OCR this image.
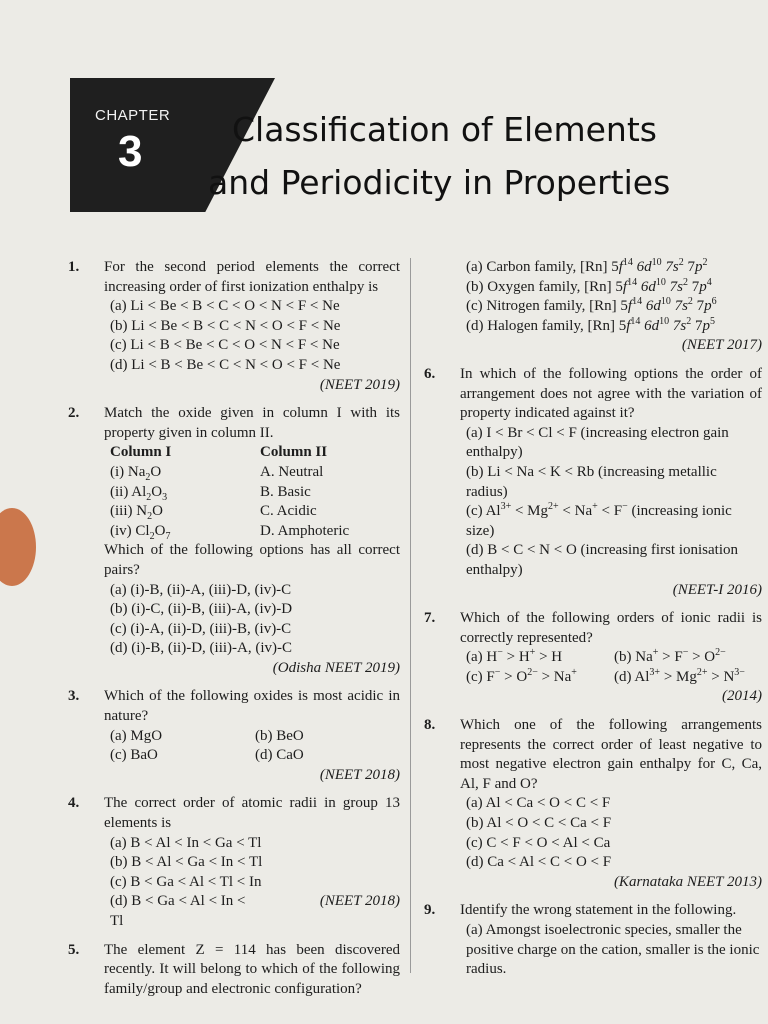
CHAPTER
3	Classification of Elements
and Periodicity in Properties
1. For the second period elements the correct increasing order of first ionization enthalpy is
(a) Li < Be < B < C < O < N < F < Ne
(b) Li < Be < B < C < N < O < F < Ne
(c) Li < B < Be < C < O < N < F < Ne
(d) Li < B < Be < C < N < O < F < Ne
(NEET 2019)
2. Match the oxide given in column I with its property given in column II.
Column I	Column II
(i) $Na_2O$	A. Neutral
(ii) $Al_2O_3$	B. Basic
(iii) $N_2O$	C. Acidic
(iv) $Cl_2O_7$	D. Amphoteric
Which of the following options has all correct pairs?
(a) (i)-B, (ii)-A, (iii)-D, (iv)-C
(b) (i)-C, (ii)-B, (iii)-A, (iv)-D
(c) (i)-A, (ii)-D, (iii)-B, (iv)-C
(d) (i)-B, (ii)-D, (iii)-A, (iv)-C
(Odisha NEET 2019)
3. Which of the following oxides is most acidic in nature?
(a) MgO	(b) BeO
(c) BaO	(d) CaO
(NEET 2018)
4. The correct order of atomic radii in group 13 elements is
(a) B < Al < In < Ga < Tl
(b) B < Al < Ga < In < Tl
(c) B < Ga < Al < Tl < In
(d) B < Ga < Al < In < Tl
(NEET 2018)
5. The element Z = 114 has been discovered recently. It will belong to which of the following family/group and electronic configuration?
(a) Carbon family, [Rn] $5f^{14}$ $6d^{10}$ $7s^2$ $7p^2$
(b) Oxygen family, [Rn] $5f^{14}$ $6d^{10}$ $7s^2$ $7p^4$
(c) Nitrogen family, [Rn] $5f^{14}$ $6d^{10}$ $7s^2$ $7p^6$
(d) Halogen family, [Rn] $5f^{14}$ $6d^{10}$ $7s^2$ $7p^5$
(NEET 2017)
6. In which of the following options the order of arrangement does not agree with the variation of property indicated against it?
(a) I < Br < Cl < F (increasing electron gain enthalpy)
(b) Li < Na < K < Rb (increasing metallic radius)
(c) $Al^{3+} < Mg^{2+} < Na^+ < F^-$ (increasing ionic size)
(d) B < C < N < O (increasing first ionisation enthalpy)
(NEET-I 2016)
7. Which of the following orders of ionic radii is correctly represented?
(a) H− > H+ > H	(b) $Na^+ > F^- > O^{2-}$
(c) $F^- > O^{2-} > Na^+$	(d) $Al^{3+} > Mg^{2+} > N^{3-}$
(2014)
8. Which one of the following arrangements represents the correct order of least negative to most negative electron gain enthalpy for C, Ca, Al, F and O?
(a) Al < Ca < O < C < F
(b) Al < O < C < Ca < F
(c) C < F < O < Al < Ca
(d) Ca < Al < C < O < F
(Karnataka NEET 2013)
9. Identify the wrong statement in the following.
(a) Amongst isoelectronic species, smaller the positive charge on the cation, smaller is the ionic radius.
